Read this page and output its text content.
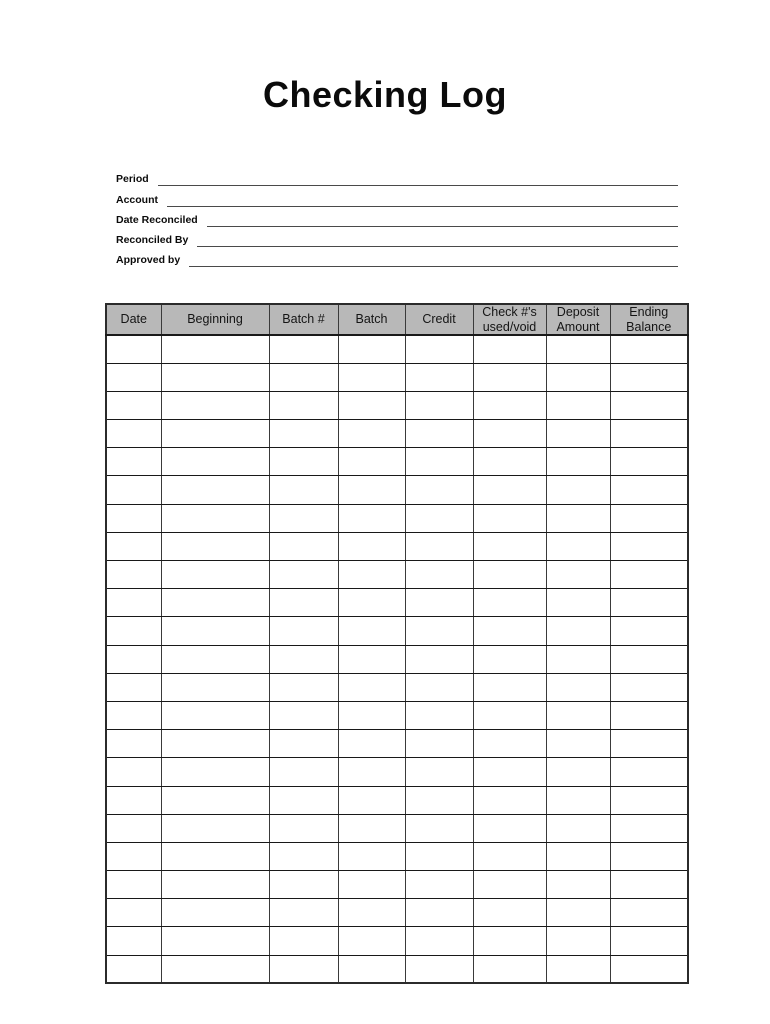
Checking Log
Period
Account
Date Reconciled
Reconciled By
Approved by
Date	Beginning	Batch #	Batch	Credit	Check #'s used/void	Deposit Amount	Ending Balance
